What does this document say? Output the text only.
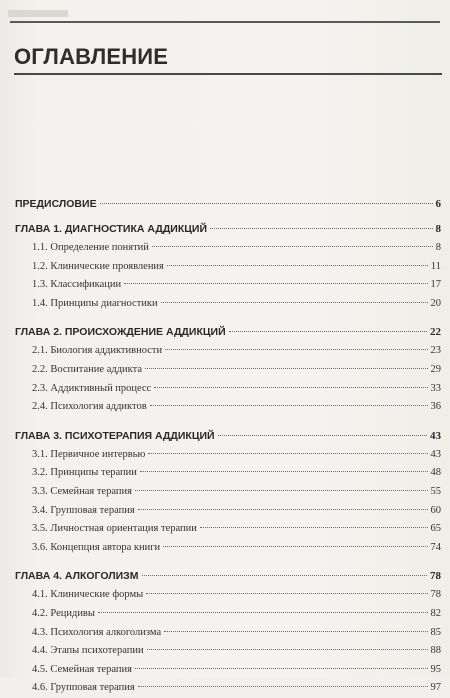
ОГЛАВЛЕНИЕ
ПРЕДИСЛОВИЕ	6
ГЛАВА 1. ДИАГНОСТИКА АДДИКЦИЙ	8
1.1. Определение понятий	8
1.2. Клинические проявления	11
1.3. Классификации	17
1.4. Принципы диагностики	20
ГЛАВА 2. ПРОИСХОЖДЕНИЕ АДДИКЦИЙ	22
2.1. Биология аддиктивности	23
2.2. Воспитание аддикта	29
2.3. Аддиктивный процесс	33
2.4. Психология аддиктов	36
ГЛАВА 3. ПСИХОТЕРАПИЯ АДДИКЦИЙ	43
3.1. Первичное интервью	43
3.2. Принципы терапии	48
3.3. Семейная терапия	55
3.4. Групповая терапия	60
3.5. Личностная ориентация терапии	65
3.6. Концепция автора книги	74
ГЛАВА 4. АЛКОГОЛИЗМ	78
4.1. Клинические формы	78
4.2. Рецидивы	82
4.3. Психология алкоголизма	85
4.4. Этапы психотерапии	88
4.5. Семейная терапия	95
4.6. Групповая терапия	97
